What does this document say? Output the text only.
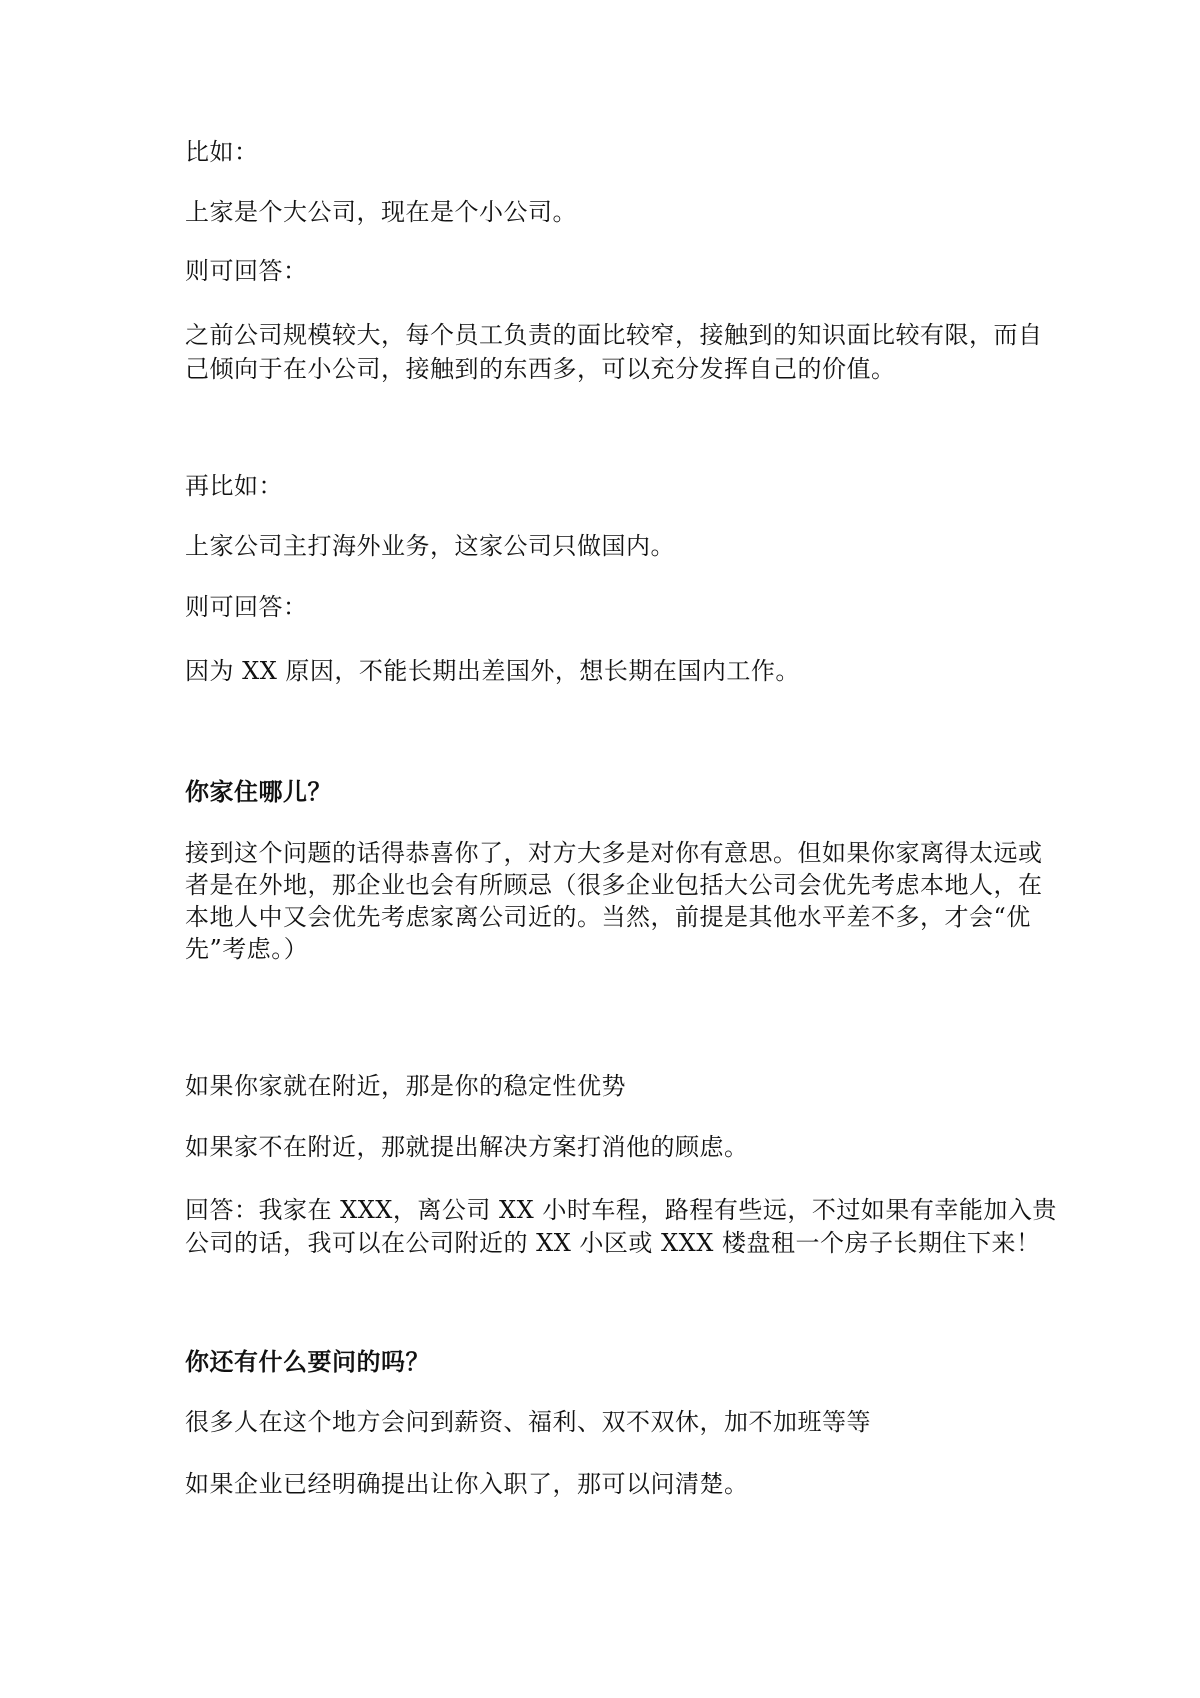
比如：
上家是个大公司，现在是个小公司。
则可回答：
之前公司规模较大，每个员工负责的面比较窄，接触到的知识面比较有限，而自
己倾向于在小公司，接触到的东西多，可以充分发挥自己的价值。
再比如：
上家公司主打海外业务，这家公司只做国内。
则可回答：
因为 XX 原因，不能长期出差国外，想长期在国内工作。
你家住哪儿？
接到这个问题的话得恭喜你了，对方大多是对你有意思。但如果你家离得太远或
者是在外地，那企业也会有所顾忌（很多企业包括大公司会优先考虑本地人，在
本地人中又会优先考虑家离公司近的。当然，前提是其他水平差不多，才会“优
先”考虑。）
如果你家就在附近，那是你的稳定性优势
如果家不在附近，那就提出解决方案打消他的顾虑。
回答：我家在 XXX，离公司 XX 小时车程，路程有些远，不过如果有幸能加入贵
公司的话，我可以在公司附近的 XX 小区或 XXX 楼盘租一个房子长期住下来！
你还有什么要问的吗？
很多人在这个地方会问到薪资、福利、双不双休，加不加班等等
如果企业已经明确提出让你入职了，那可以问清楚。
